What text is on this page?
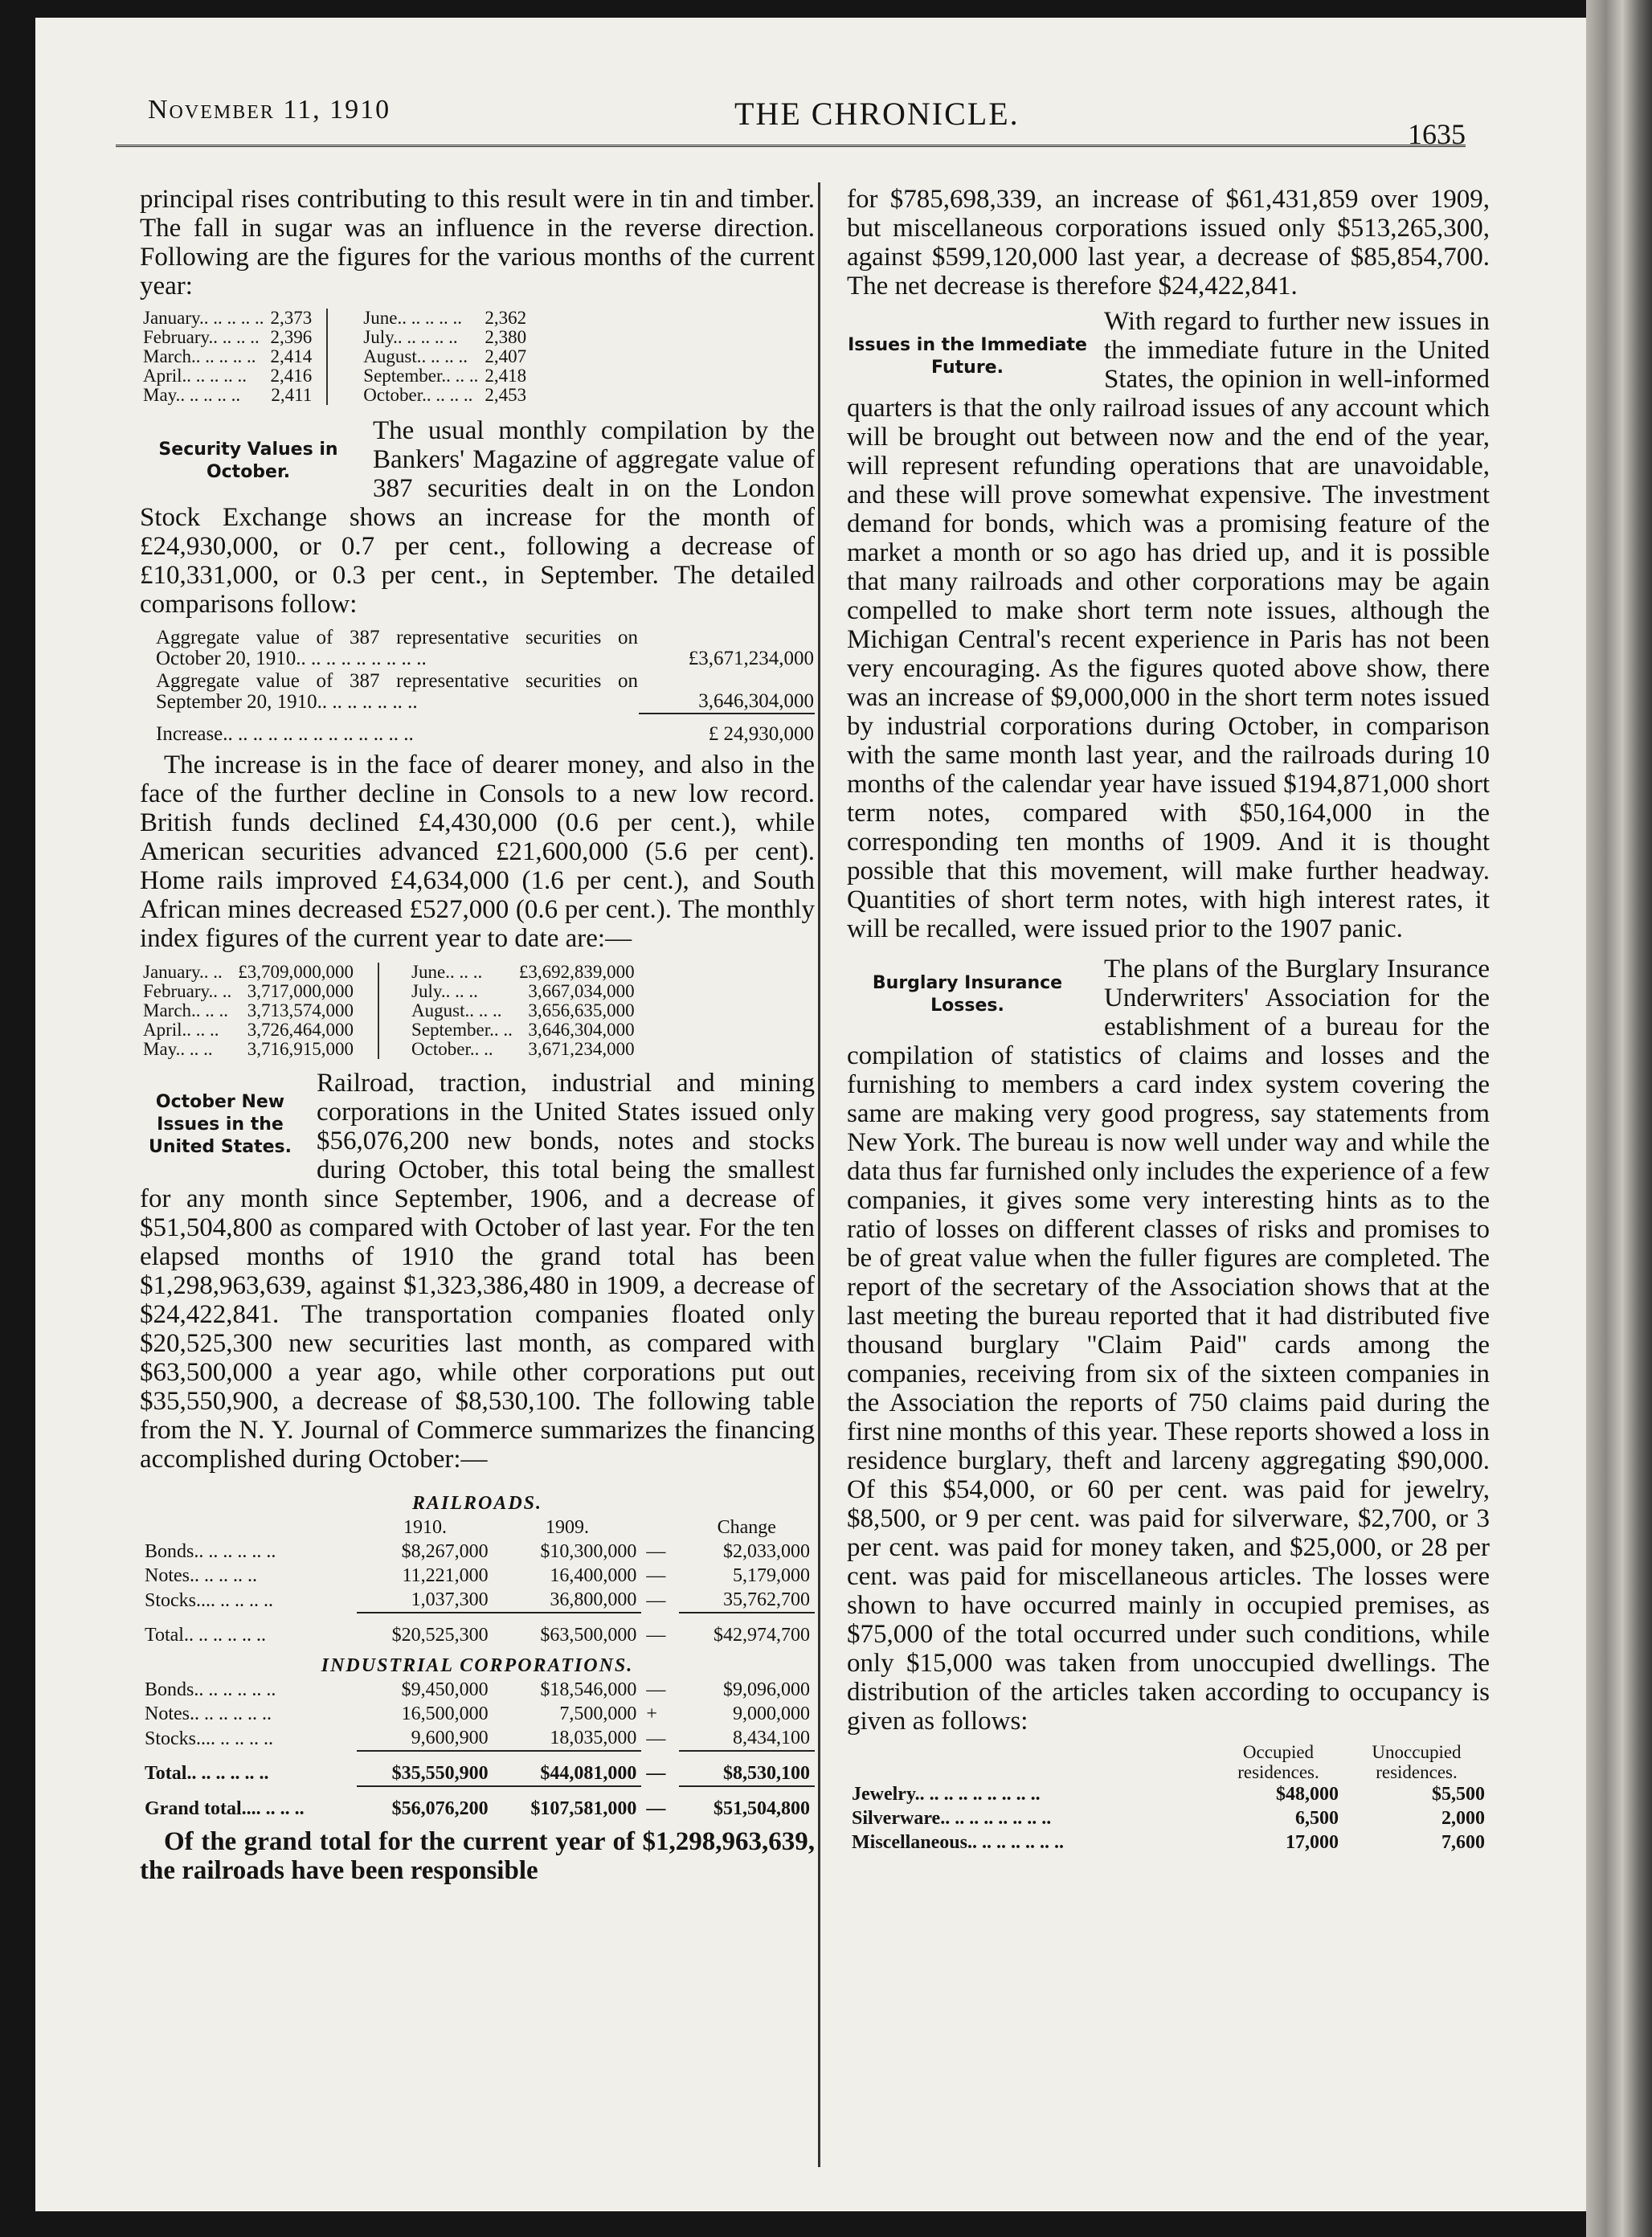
November 11, 1910	THE CHRONICLE.
1635

principal rises contributing to this result were in tin and timber. The fall in sugar was an influence in the reverse direction. Following are the figures for the various months of the current year:

January.. .. .. .. ..	2,373	June.. .. .. .. ..	2,362
February.. .. .. ..	2,396	July.. .. .. .. ..	2,380
March.. .. .. .. ..	2,414	August.. .. .. ..	2,407
April.. .. .. .. ..	2,416	September.. .. ..	2,418
May.. .. .. .. ..	2,411	October.. .. .. ..	2,453
Security Values in October.

The usual monthly compilation by the Bankers' Magazine of aggregate value of 387 securities dealt in on the London Stock Exchange shows an increase for the month of £24,930,000, or 0.7 per cent., following a decrease of £10,331,000, or 0.3 per cent., in September. The detailed comparisons follow:

Aggregate value of 387 representative securities on October 20, 1910.. .. .. .. .. .. .. .. ..	£3,671,234,000
Aggregate value of 387 representative securities on September 20, 1910.. .. .. .. .. .. ..	3,646,304,000
Increase.. .. .. .. .. .. .. .. .. .. .. .. ..	£ 24,930,000

The increase is in the face of dearer money, and also in the face of the further decline in Consols to a new low record. British funds declined £4,430,000 (0.6 per cent.), while American securities advanced £21,600,000 (5.6 per cent). Home rails improved £4,634,000 (1.6 per cent.), and South African mines decreased £527,000 (0.6 per cent.). The monthly index figures of the current year to date are:—

January.. ..	£3,709,000,000	June.. .. ..	£3,692,839,000
February.. ..	3,717,000,000	July.. .. ..	3,667,034,000
March.. .. ..	3,713,574,000	August.. .. ..	3,656,635,000
April.. .. ..	3,726,464,000	September.. ..	3,646,304,000
May.. .. ..	3,716,915,000	October.. ..	3,671,234,000
October New Issues in the United States.

Railroad, traction, industrial and mining corporations in the United States issued only $56,076,200 new bonds, notes and stocks during October, this total being the smallest for any month since September, 1906, and a decrease of $51,504,800 as compared with October of last year. For the ten elapsed months of 1910 the grand total has been $1,298,963,639, against $1,323,386,480 in 1909, a decrease of $24,422,841. The transportation companies floated only $20,525,300 new securities last month, as compared with $63,500,000 a year ago, while other corporations put out $35,550,900, a decrease of $8,530,100. The following table from the N. Y. Journal of Commerce summarizes the financing accomplished during October:—

RAILROADS.				
	1910.	1909.		Change
Bonds.. .. .. .. .. ..	$8,267,000	$10,300,000	—	$2,033,000
Notes.. .. .. .. ..	11,221,000	16,400,000	—	5,179,000
Stocks.... .. .. .. ..	1,037,300	36,800,000	—	35,762,700
Total.. .. .. .. .. ..	$20,525,300	$63,500,000	—	$42,974,700
INDUSTRIAL CORPORATIONS.				
Bonds.. .. .. .. .. ..	$9,450,000	$18,546,000	—	$9,096,000
Notes.. .. .. .. .. ..	16,500,000	7,500,000	+	9,000,000
Stocks.... .. .. .. ..	9,600,900	18,035,000	—	8,434,100
Total.. .. .. .. .. ..	$35,550,900	$44,081,000	—	$8,530,100
Grand total.... .. .. ..	$56,076,200	$107,581,000	—	$51,504,800

Of the grand total for the current year of $1,298,963,639, the railroads have been responsible

for $785,698,339, an increase of $61,431,859 over 1909, but miscellaneous corporations issued only $513,265,300, against $599,120,000 last year, a decrease of $85,854,700. The net decrease is therefore $24,422,841.

Issues in the Immediate Future.

With regard to further new issues in the immediate future in the United States, the opinion in well-informed quarters is that the only railroad issues of any account which will be brought out between now and the end of the year, will represent refunding operations that are unavoidable, and these will prove somewhat expensive. The investment demand for bonds, which was a promising feature of the market a month or so ago has dried up, and it is possible that many railroads and other corporations may be again compelled to make short term note issues, although the Michigan Central's recent experience in Paris has not been very encouraging. As the figures quoted above show, there was an increase of $9,000,000 in the short term notes issued by industrial corporations during October, in comparison with the same month last year, and the railroads during 10 months of the calendar year have issued $194,871,000 short term notes, compared with $50,164,000 in the corresponding ten months of 1909. And it is thought possible that this movement, will make further headway. Quantities of short term notes, with high interest rates, it will be recalled, were issued prior to the 1907 panic.

Burglary Insurance Losses.

The plans of the Burglary Insurance Underwriters' Association for the establishment of a bureau for the compilation of statistics of claims and losses and the furnishing to members a card index system covering the same are making very good progress, say statements from New York. The bureau is now well under way and while the data thus far furnished only includes the experience of a few companies, it gives some very interesting hints as to the ratio of losses on different classes of risks and promises to be of great value when the fuller figures are completed. The report of the secretary of the Association shows that at the last meeting the bureau reported that it had distributed five thousand burglary "Claim Paid" cards among the companies, receiving from six of the sixteen companies in the Association the reports of 750 claims paid during the first nine months of this year. These reports showed a loss in residence burglary, theft and larceny aggregating $90,000. Of this $54,000, or 60 per cent. was paid for jewelry, $8,500, or 9 per cent. was paid for silverware, $2,700, or 3 per cent. was paid for money taken, and $25,000, or 28 per cent. was paid for miscellaneous articles. The losses were shown to have occurred mainly in occupied premises, as $75,000 of the total occurred under such conditions, while only $15,000 was taken from unoccupied dwellings. The distribution of the articles taken according to occupancy is given as follows:

	Occupied residences.	Unoccupied residences.
Jewelry.. .. .. .. .. .. .. .. ..	$48,000	$5,500
Silverware.. .. .. .. .. .. .. ..	6,500	2,000
Miscellaneous.. .. .. .. .. .. ..	17,000	7,600
